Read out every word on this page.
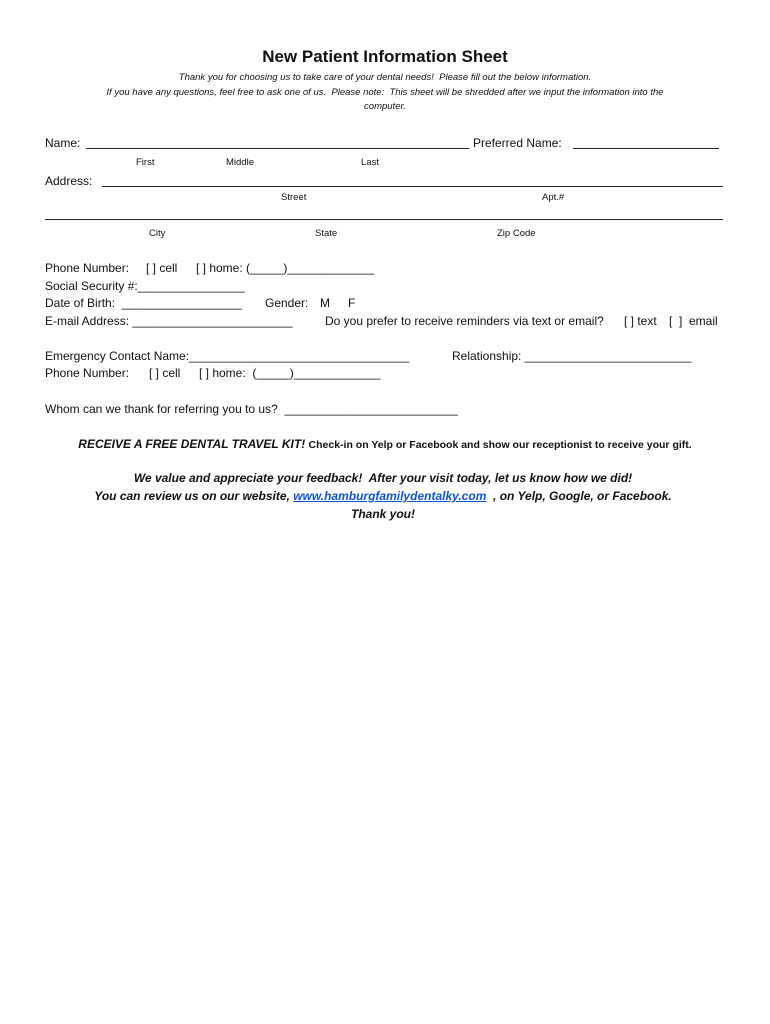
New Patient Information Sheet
Thank you for choosing us to take care of your dental needs!  Please fill out the below information.
If you have any questions, feel free to ask one of us.  Please note:  This sheet will be shredded after we input the information into the
computer.
Name:	Preferred Name:
First	Middle	Last
Address:
Street	Apt.#
City	State	Zip Code
Phone Number: [ ] cell [ ] home: (_____)_____________
Social Security #:________________
Date of Birth:  __________________ Gender: M F
E-mail Address: ________________________	Do you prefer to receive reminders via text or email? [ ] text [  ]  email
Emergency Contact Name:_________________________________	Relationship: _________________________
Phone Number: [ ] cell [ ] home:  (_____)_____________
Whom can we thank for referring you to us?  __________________________
RECEIVE A FREE DENTAL TRAVEL KIT! Check-in on Yelp or Facebook and show our receptionist to receive your gift.
We value and appreciate your feedback!  After your visit today, let us know how we did!
You can review us on our website, www.hamburgfamilydentalky.com  , on Yelp, Google, or Facebook.
Thank you!
